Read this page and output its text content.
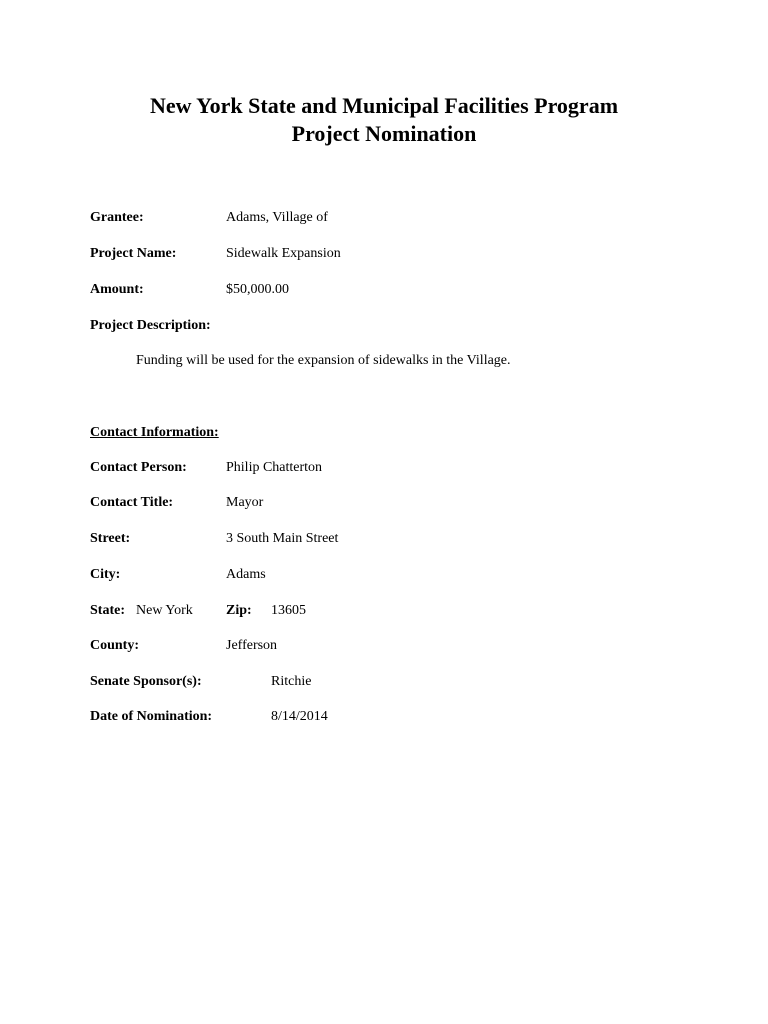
New York State and Municipal Facilities Program
Project Nomination
Grantee:	Adams, Village of
Project Name:	Sidewalk Expansion
Amount:	$50,000.00
Project Description:
Funding will be used for the expansion of sidewalks in the Village.
Contact Information:
Contact Person:	Philip Chatterton
Contact Title:	Mayor
Street:	3 South Main Street
City:	Adams
State: New York Zip: 13605
County:	Jefferson
Senate Sponsor(s):	Ritchie
Date of Nomination:	8/14/2014
